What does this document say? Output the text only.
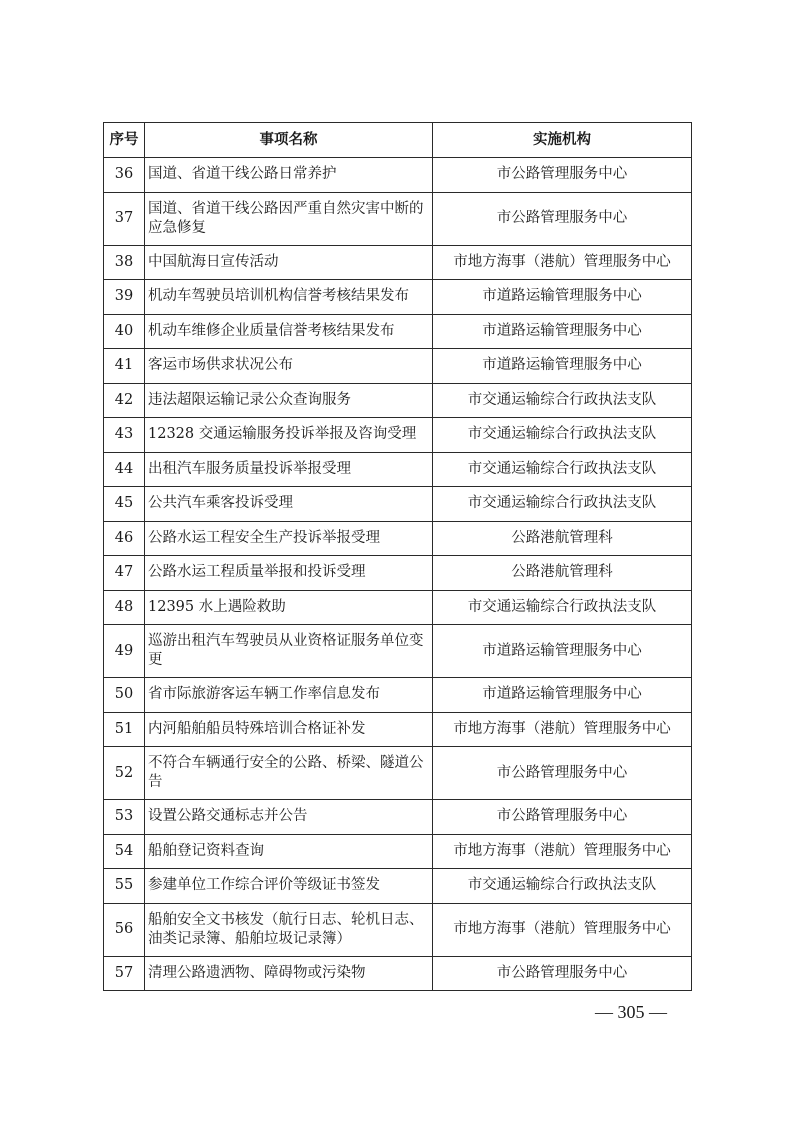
序号	事项名称	实施机构
36	国道、省道干线公路日常养护	市公路管理服务中心
37	国道、省道干线公路因严重自然灾害中断的应急修复	市公路管理服务中心
38	中国航海日宣传活动	市地方海事（港航）管理服务中心
39	机动车驾驶员培训机构信誉考核结果发布	市道路运输管理服务中心
40	机动车维修企业质量信誉考核结果发布	市道路运输管理服务中心
41	客运市场供求状况公布	市道路运输管理服务中心
42	违法超限运输记录公众查询服务	市交通运输综合行政执法支队
43	12328 交通运输服务投诉举报及咨询受理	市交通运输综合行政执法支队
44	出租汽车服务质量投诉举报受理	市交通运输综合行政执法支队
45	公共汽车乘客投诉受理	市交通运输综合行政执法支队
46	公路水运工程安全生产投诉举报受理	公路港航管理科
47	公路水运工程质量举报和投诉受理	公路港航管理科
48	12395 水上遇险救助	市交通运输综合行政执法支队
49	巡游出租汽车驾驶员从业资格证服务单位变更	市道路运输管理服务中心
50	省市际旅游客运车辆工作率信息发布	市道路运输管理服务中心
51	内河船舶船员特殊培训合格证补发	市地方海事（港航）管理服务中心
52	不符合车辆通行安全的公路、桥梁、隧道公告	市公路管理服务中心
53	设置公路交通标志并公告	市公路管理服务中心
54	船舶登记资料查询	市地方海事（港航）管理服务中心
55	参建单位工作综合评价等级证书签发	市交通运输综合行政执法支队
56	船舶安全文书核发（航行日志、轮机日志、油类记录簿、船舶垃圾记录簿）	市地方海事（港航）管理服务中心
57	清理公路遗洒物、障碍物或污染物	市公路管理服务中心
— 305 —
